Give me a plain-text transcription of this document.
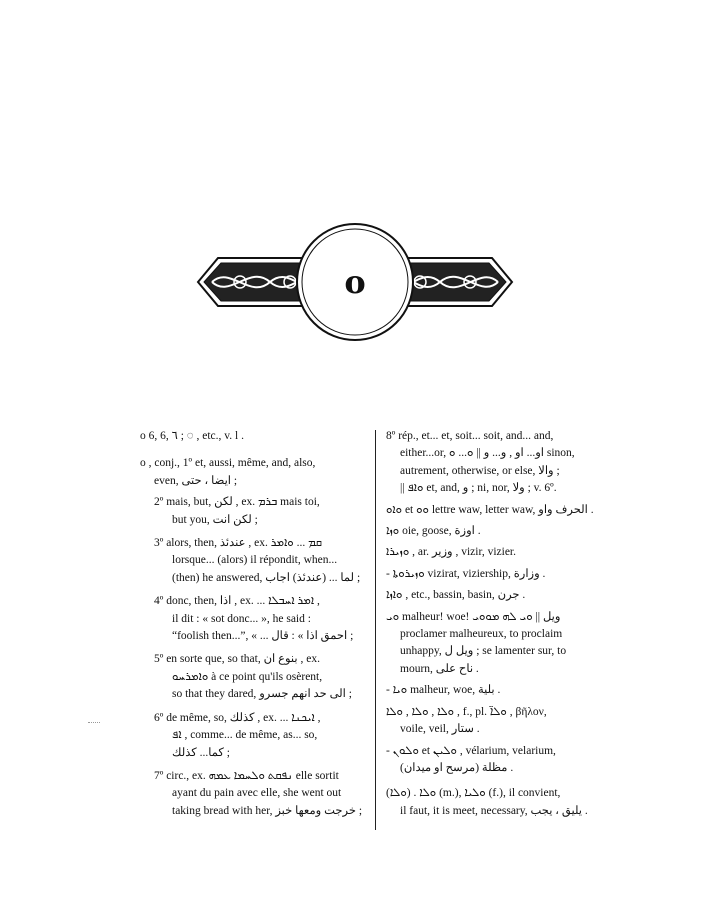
ο
ο 6, 6, ٦ ; ◌ , etc., v. l .
ο , conj., 1º et, aussi, même, and, also,
even, ايضا ، حتى ;
2º mais, but, لكن , ex. ܒܪܡ mais toi,
but you, لكن انت ;
3º alors, then, عندئذ , ex. ܩܡ ... ܘܐܡܪ
lorsque... (alors) il répondit, when...
(then) he answered, لما ... (عندئذ) اجاب ;
4º donc, then, اذا , ex. ... ܐܡܪ ܐܚܒܠܐ ,
il dit : « sot donc... », he said :
“foolish then...”, « ... احمق اذا » : قال ;
5º en sorte que, so that, بنوع ان , ex.
ܘܐܡܪܚܘ à ce point qu'ils osèrent,
so that they dared, الى حد انهم جسرو ;
6º de même, so, كذلك , ex. ... ܐܝܟܢܐ ,
ܐܦ , comme... de même, as... so,
كما... كذلك ;
7º circ., ex. ܢܦܩܬ ܘܠܚܡܐ ܥܡܗ elle sortit
ayant du pain avec elle, she went out
taking bread with her, خرجت ومعها خبز ;
8º rép., et... et, soit... soit, and... and,
either...or, او... او , و... و || ܘ... ܘ sinon,
autrement, otherwise, or else, والا ;
|| ܘܐܦ et, and, و ; ni, nor, ولا ; v. 6º.
ܘܐܘ et ܘܘ lettre waw, letter waw, الحرف واو .
ܘܙܐ oie, goose, اوزة .
ܘܙܝܪܐ , ar. وزير , vizir, vizier.
- ܘܙܝܪܘܬܐ vizirat, viziership, وزارة .
ܘܐܙܐ , etc., bassin, basin, جرن .
ܘܝ malheur! woe! ويل || ܘܝ ܠܗ ܡܘܘܝ
proclamer malheureux, to proclaim
unhappy, ويل ل ; se lamenter sur, to
mourn, ناح على .
- ܘܝܐ malheur, woe, بلية .
ܘܠܐ , ܘܠܐ , ܘܠܐ , f., pl. ܘܠܐ̈ , βῆλον,
voile, veil, ستار .
- ܘܠܘܢ et ܘܠܝܢ , vélarium, velarium,
مظلة (مرسح او ميدان) .
(ܘܠܐ) . ܘܠܐ (m.), ܘܠܝܐ (f.), il convient,
il faut, it is meet, necessary, يليق ، يجب .
